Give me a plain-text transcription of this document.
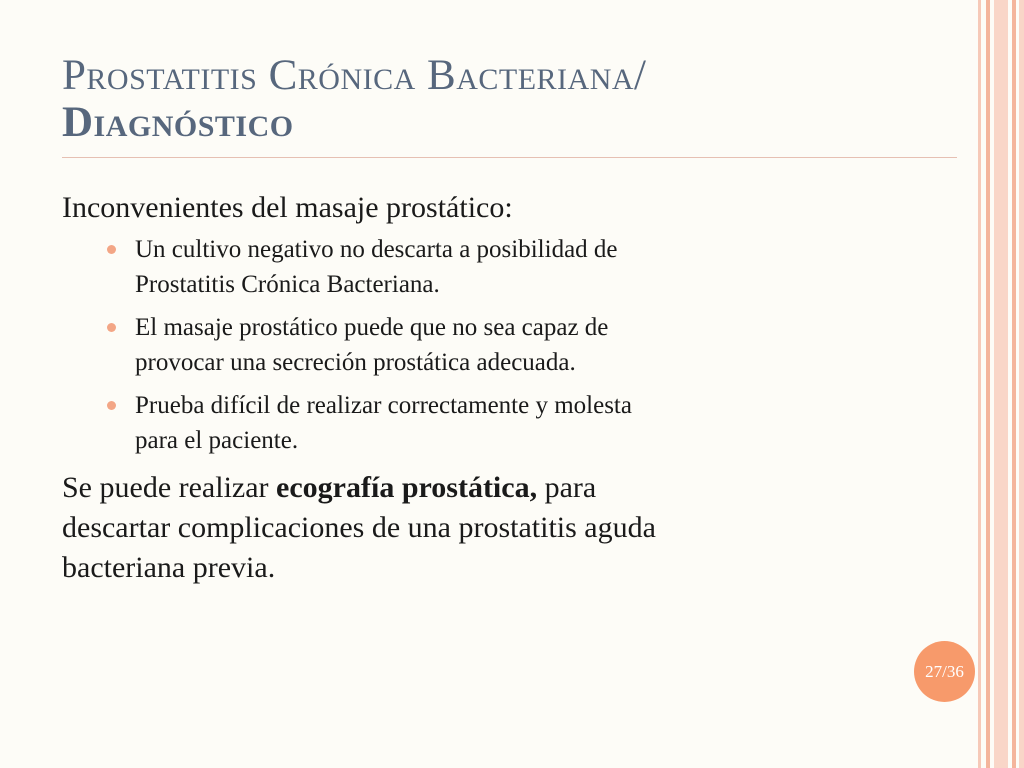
Prostatitis Crónica Bacteriana/
Diagnóstico

Inconvenientes del masaje prostático:

Un cultivo negativo no descarta a posibilidad de
Prostatitis Crónica Bacteriana.
El masaje prostático puede que no sea capaz de
provocar una secreción prostática adecuada.
Prueba difícil de realizar correctamente y molesta
para el paciente.

Se puede realizar ecografía prostática, para
descartar complicaciones de una prostatitis aguda
bacteriana previa.

27/36
